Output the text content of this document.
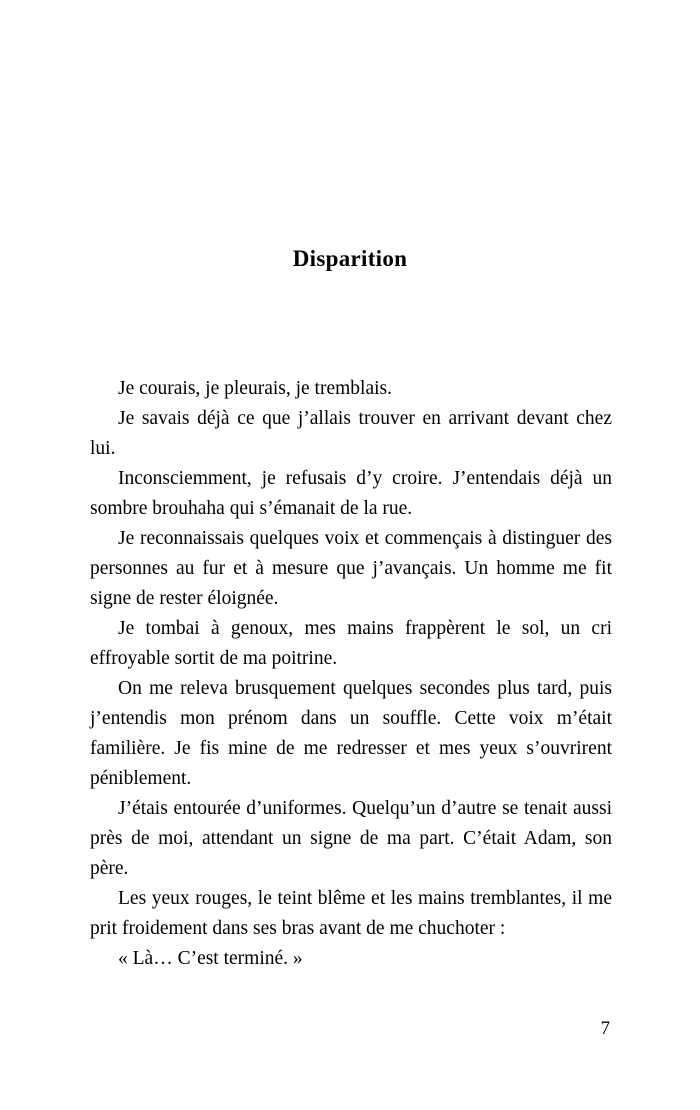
Disparition

Je courais, je pleurais, je tremblais.

Je savais déjà ce que j’allais trouver en arrivant devant chez lui.

Inconsciemment, je refusais d’y croire. J’entendais déjà un sombre brouhaha qui s’émanait de la rue.

Je reconnaissais quelques voix et commençais à distinguer des personnes au fur et à mesure que j’avançais. Un homme me fit signe de rester éloignée.

Je tombai à genoux, mes mains frappèrent le sol, un cri effroyable sortit de ma poitrine.

On me releva brusquement quelques secondes plus tard, puis j’entendis mon prénom dans un souffle. Cette voix m’était familière. Je fis mine de me redresser et mes yeux s’ouvrirent péniblement.

J’étais entourée d’uniformes. Quelqu’un d’autre se tenait aussi près de moi, attendant un signe de ma part. C’était Adam, son père.

Les yeux rouges, le teint blême et les mains tremblantes, il me prit froidement dans ses bras avant de me chuchoter :

« Là… C’est terminé. »

7
